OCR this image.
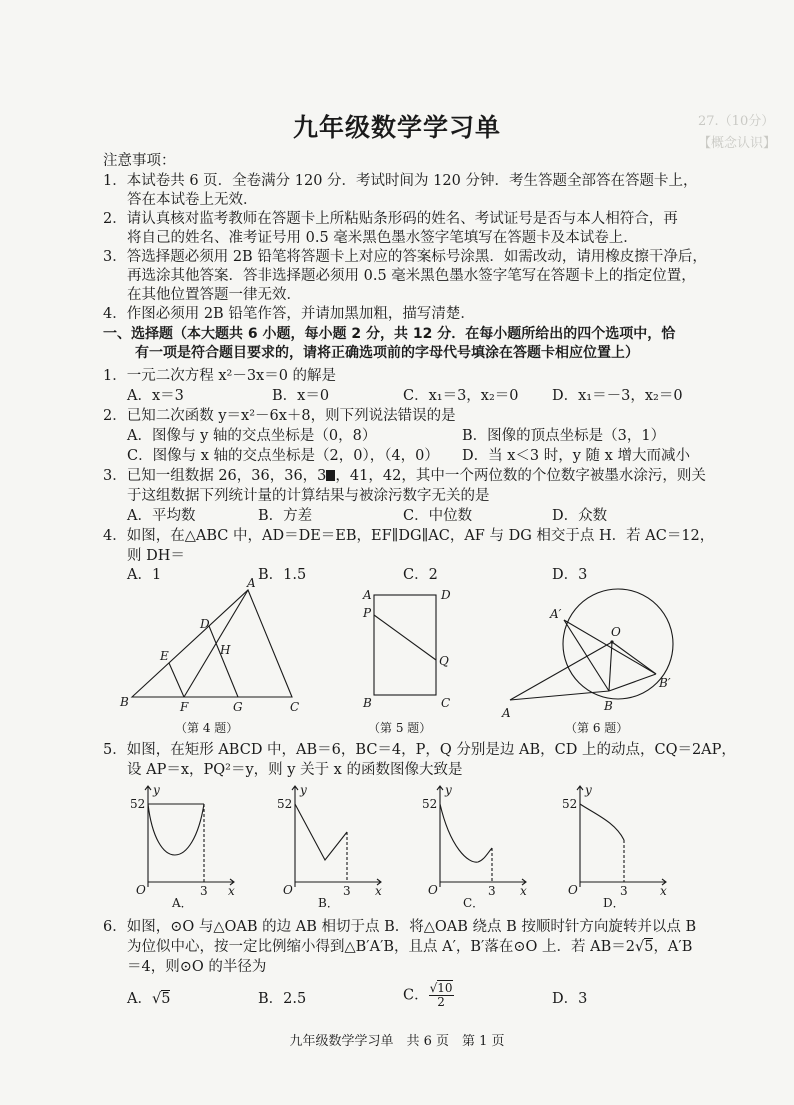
27.（10分）
【概念认识】
九年级数学学习单
注意事项：
1．本试卷共 6 页．全卷满分 120 分．考试时间为 120 分钟．考生答题全部答在答题卡上，
答在本试卷上无效．
2．请认真核对监考教师在答题卡上所粘贴条形码的姓名、考试证号是否与本人相符合，再
将自己的姓名、准考证号用 0.5 毫米黑色墨水签字笔填写在答题卡及本试卷上．
3．答选择题必须用 2B 铅笔将答题卡上对应的答案标号涂黑．如需改动，请用橡皮擦干净后，
再选涂其他答案．答非选择题必须用 0.5 毫米黑色墨水签字笔写在答题卡上的指定位置，
在其他位置答题一律无效．
4．作图必须用 2B 铅笔作答，并请加黑加粗，描写清楚．
一、选择题（本大题共 6 小题，每小题 2 分，共 12 分．在每小题所给出的四个选项中，恰
有一项是符合题目要求的，请将正确选项前的字母代号填涂在答题卡相应位置上）
1．一元二次方程 x²－3x＝0 的解是
A．x＝3	B．x＝0	C．x₁＝3，x₂＝0 D．x₁＝－3，x₂＝0
2．已知二次函数 y＝x²－6x＋8，则下列说法错误的是
A．图像与 y 轴的交点坐标是（0，8）	B．图像的顶点坐标是（3，1）
C．图像与 x 轴的交点坐标是（2，0），（4，0） D．当 x＜3 时，y 随 x 增大而减小
3．已知一组数据 26，36，36，3 ，41，42，其中一个两位数的个位数字被墨水涂污，则关
于这组数据下列统计量的计算结果与被涂污数字无关的是
A．平均数	B．方差	C．中位数	D．众数
4．如图，在△ABC 中，AD＝DE＝EB，EF∥DG∥AC，AF 与 DG 相交于点 H．若 AC＝12，
则 DH＝
A．1	B．1.5	C．2	D．3
A
B	C
D
E
F	G
H
（第 4 题）
A	D
P
Q
B	C
（第 5 题）
A	B
O
A′
B′
（第 6 题）
5．如图，在矩形 ABCD 中，AB＝6，BC＝4，P，Q 分别是边 AB，CD 上的动点，CQ＝2AP，
设 AP＝x，PQ²＝y，则 y 关于 x 的函数图像大致是
52
y
x
O	3
A．
52
y
x
O	3
B．
52
y
x
O	3
C．
52
y
x
O	3
D．
6．如图，⊙O 与△OAB 的边 AB 相切于点 B．将△OAB 绕点 B 按顺时针方向旋转并以点 B
为位似中心，按一定比例缩小得到△B′A′B，且点 A′，B′落在⊙O 上．若 AB＝2√5，A′B
＝4，则⊙O 的半径为
A．√5	B．2.5	C． $\frac{√10}{2}$	D．3
九年级数学学习单　共 6 页　第 1 页
